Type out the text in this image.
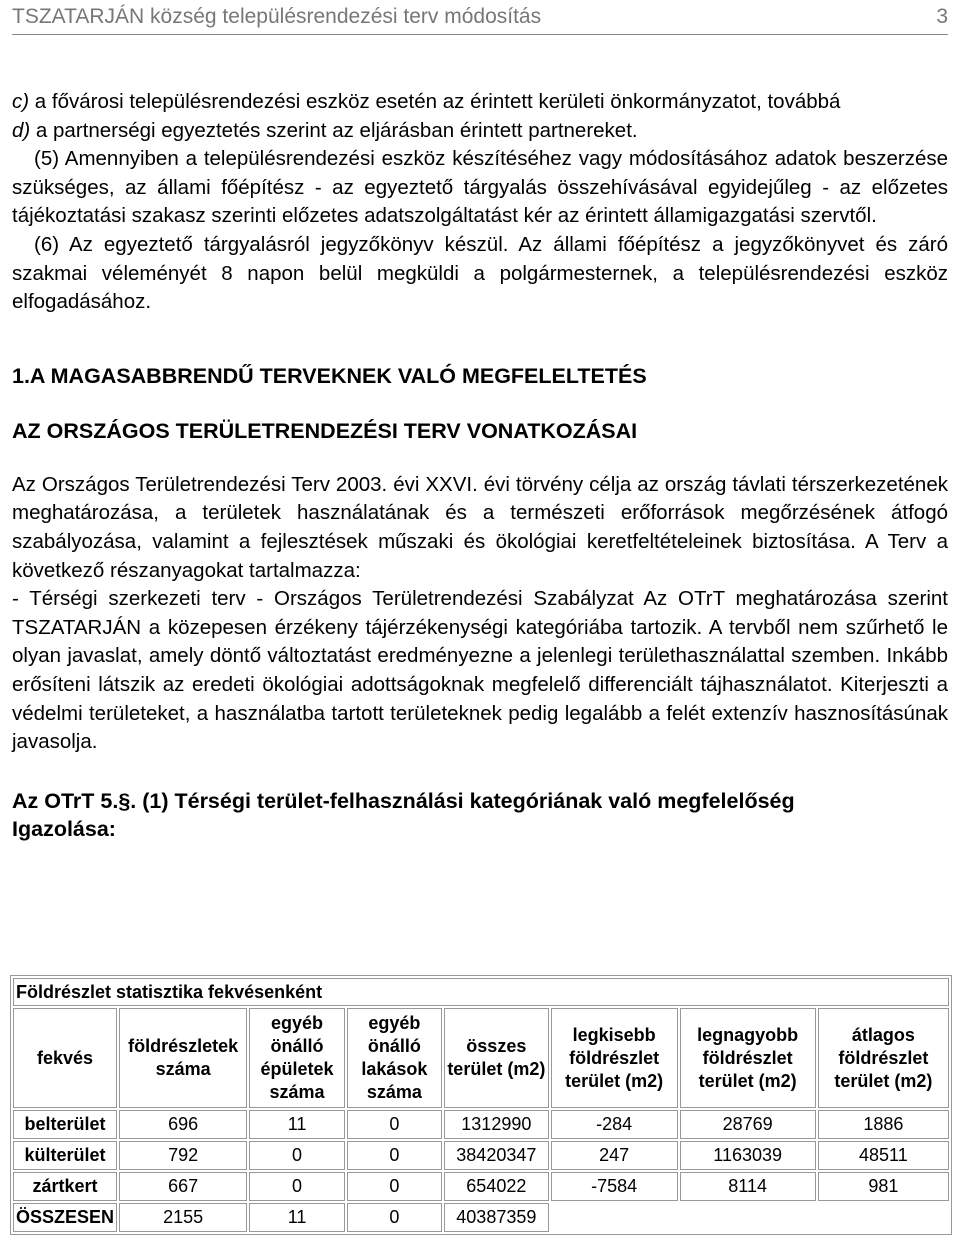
TSZATARJÁN község településrendezési terv módosítás	3

c) a fővárosi településrendezési eszköz esetén az érintett kerületi önkormányzatot, továbbá

d) a partnerségi egyeztetés szerint az eljárásban érintett partnereket.

(5) Amennyiben a településrendezési eszköz készítéséhez vagy módosításához adatok beszerzése szükséges, az állami főépítész - az egyeztető tárgyalás összehívásával egyidejűleg - az előzetes tájékoztatási szakasz szerinti előzetes adatszolgáltatást kér az érintett államigazgatási szervtől.

(6) Az egyeztető tárgyalásról jegyzőkönyv készül. Az állami főépítész a jegyzőkönyvet és záró szakmai véleményét 8 napon belül megküldi a polgármesternek, a településrendezési eszköz elfogadásához.

1.A MAGASABBRENDŰ TERVEKNEK VALÓ MEGFELELTETÉS
AZ ORSZÁGOS TERÜLETRENDEZÉSI TERV VONATKOZÁSAI

Az Országos Területrendezési Terv 2003. évi XXVI. évi törvény célja az ország távlati térszerkezetének meghatározása, a területek használatának és a természeti erőforrások megőrzésének átfogó szabályozása, valamint a fejlesztések műszaki és ökológiai keretfeltételeinek biztosítása. A Terv a következő részanyagokat tartalmazza:

- Térségi szerkezeti terv - Országos Területrendezési Szabályzat Az OTrT meghatározása szerint TSZATARJÁN a közepesen érzékeny tájérzékenységi kategóriába tartozik. A tervből nem szűrhető le olyan javaslat, amely döntő változtatást eredményezne a jelenlegi területhasználattal szemben. Inkább erősíteni látszik az eredeti ökológiai adottságoknak megfelelő differenciált tájhasználatot. Kiterjeszti a védelmi területeket, a használatba tartott területeknek pedig legalább a felét extenzív hasznosításúnak javasolja.

Az OTrT 5.§. (1) Térségi terület-felhasználási kategóriának való megfelelőség
Igazolása:
Földrészlet statisztika fekvésenként							
fekvés	földrészletek száma	egyéb önálló épületek száma	egyéb önálló lakások száma	összes terület (m2)	legkisebb földrészlet terület (m2)	legnagyobb földrészlet terület (m2)	átlagos földrészlet terület (m2)
belterület	696	11	0	1312990	-284	28769	1886
külterület	792	0	0	38420347	247	1163039	48511
zártkert	667	0	0	654022	-7584	8114	981
ÖSSZESEN	2155	11	0	40387359			
